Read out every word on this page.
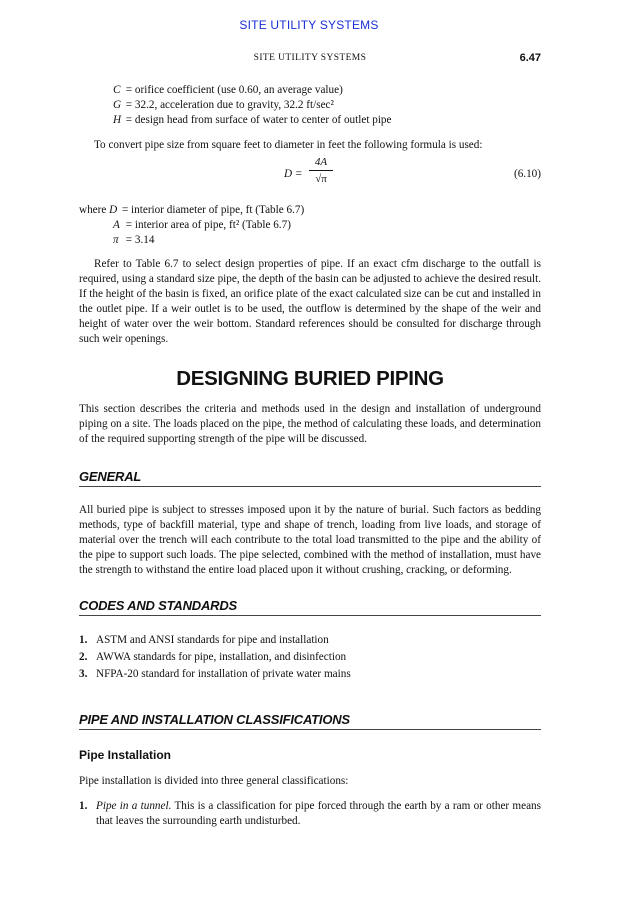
SITE UTILITY SYSTEMS
SITE UTILITY SYSTEMS	6.47
C = orifice coefficient (use 0.60, an average value)
G = 32.2, acceleration due to gravity, 32.2 ft/sec²
H = design head from surface of water to center of outlet pipe

To convert pipe size from square feet to diameter in feet the following formula is used:

D =
4A
√π	(6.10)
where D = interior diameter of pipe, ft (Table 6.7)
A = interior area of pipe, ft² (Table 6.7)
π = 3.14

Refer to Table 6.7 to select design properties of pipe. If an exact cfm discharge to the outfall is required, using a standard size pipe, the depth of the basin can be adjusted to achieve the desired result. If the height of the basin is fixed, an orifice plate of the exact calculated size can be cut and installed in the outlet pipe. If a weir outlet is to be used, the outflow is determined by the shape of the weir and height of water over the weir bottom. Standard references should be consulted for discharge through such weir openings.

DESIGNING BURIED PIPING

This section describes the criteria and methods used in the design and installation of underground piping on a site. The loads placed on the pipe, the method of calculating these loads, and determination of the required supporting strength of the pipe will be discussed.

GENERAL

All buried pipe is subject to stresses imposed upon it by the nature of burial. Such factors as bedding methods, type of backfill material, type and shape of trench, loading from live loads, and storage of material over the trench will each contribute to the total load transmitted to the pipe and the ability of the pipe to support such loads. The pipe selected, combined with the method of installation, must have the strength to withstand the entire load placed upon it without crushing, cracking, or deforming.

CODES AND STANDARDS
1. ASTM and ANSI standards for pipe and installation
2. AWWA standards for pipe, installation, and disinfection
3. NFPA-20 standard for installation of private water mains
PIPE AND INSTALLATION CLASSIFICATIONS
Pipe Installation

Pipe installation is divided into three general classifications:

1. Pipe in a tunnel. This is a classification for pipe forced through the earth by a ram or other means that leaves the surrounding earth undisturbed.
